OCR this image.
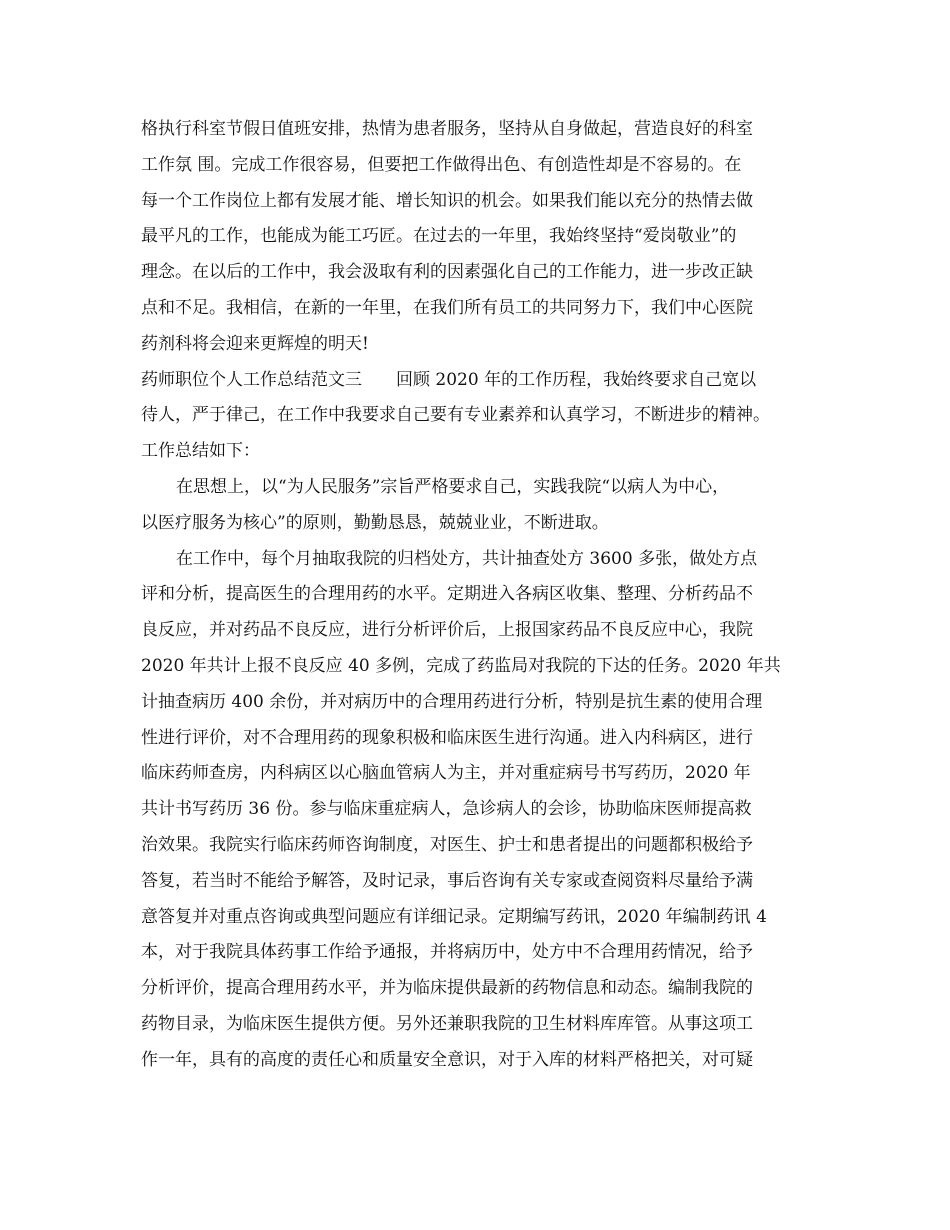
格执行科室节假日值班安排，热情为患者服务，坚持从自身做起，营造良好的科室
工作氛 围。完成工作很容易，但要把工作做得出色、有创造性却是不容易的。在
每一个工作岗位上都有发展才能、增长知识的机会。如果我们能以充分的热情去做
最平凡的工作，也能成为能工巧匠。在过去的一年里，我始终坚持“爱岗敬业”的
理念。在以后的工作中，我会汲取有利的因素强化自己的工作能力，进一步改正缺
点和不足。我相信，在新的一年里，在我们所有员工的共同努力下，我们中心医院
药剂科将会迎来更辉煌的明天!
药师职位个人工作总结范文三　　回顾 2020 年的工作历程，我始终要求自己宽以
待人，严于律己，在工作中我要求自己要有专业素养和认真学习，不断进步的精神。
工作总结如下：
在思想上，以“为人民服务”宗旨严格要求自己，实践我院“以病人为中心，
以医疗服务为核心”的原则，勤勤恳恳，兢兢业业，不断进取。
在工作中，每个月抽取我院的归档处方，共计抽查处方 3600 多张，做处方点
评和分析，提高医生的合理用药的水平。定期进入各病区收集、整理、分析药品不
良反应，并对药品不良反应，进行分析评价后，上报国家药品不良反应中心，我院
2020 年共计上报不良反应 40 多例，完成了药监局对我院的下达的任务。2020 年共
计抽查病历 400 余份，并对病历中的合理用药进行分析，特别是抗生素的使用合理
性进行评价，对不合理用药的现象积极和临床医生进行沟通。进入内科病区，进行
临床药师查房，内科病区以心脑血管病人为主，并对重症病号书写药历，2020 年
共计书写药历 36 份。参与临床重症病人，急诊病人的会诊，协助临床医师提高救
治效果。我院实行临床药师咨询制度，对医生、护士和患者提出的问题都积极给予
答复，若当时不能给予解答，及时记录，事后咨询有关专家或查阅资料尽量给予满
意答复并对重点咨询或典型问题应有详细记录。定期编写药讯，2020 年编制药讯 4
本，对于我院具体药事工作给予通报，并将病历中，处方中不合理用药情况，给予
分析评价，提高合理用药水平，并为临床提供最新的药物信息和动态。编制我院的
药物目录，为临床医生提供方便。另外还兼职我院的卫生材料库库管。从事这项工
作一年，具有的高度的责任心和质量安全意识，对于入库的材料严格把关，对可疑
